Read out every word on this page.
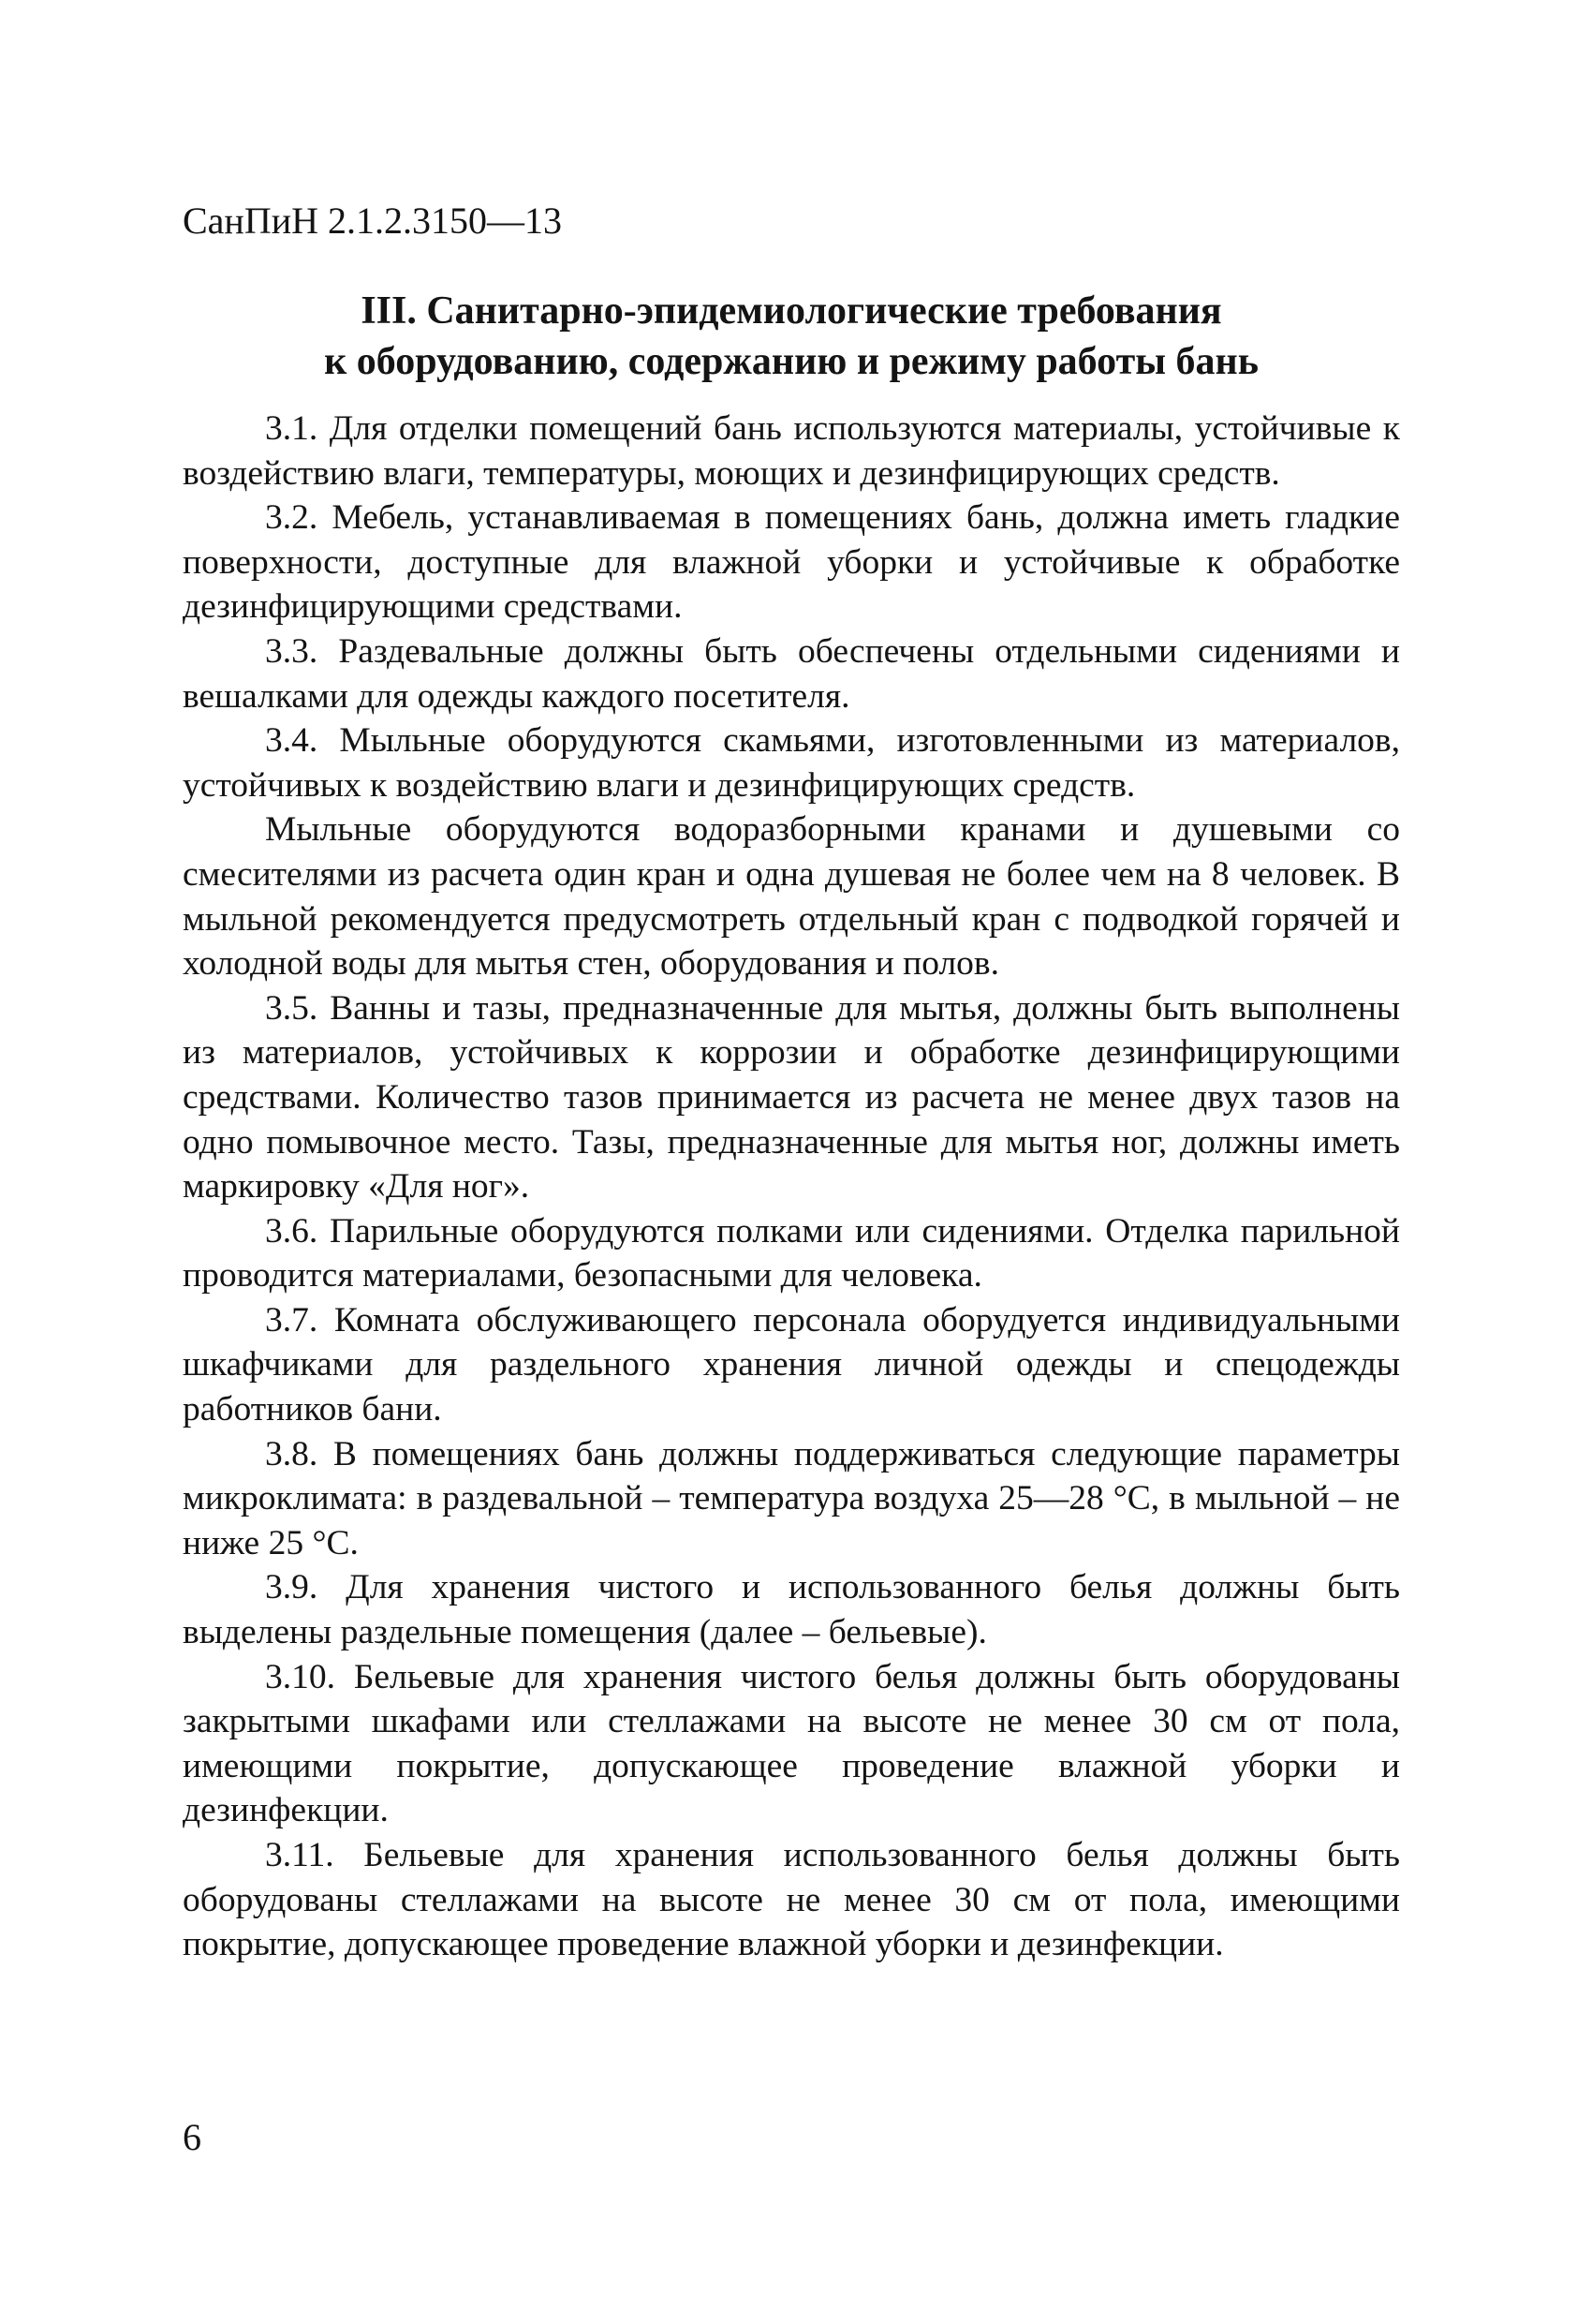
СанПиН 2.1.2.3150—13

III. Санитарно-эпидемиологические требования
к оборудованию, содержанию и режиму работы бань

3.1. Для отделки помещений бань используются материалы, устойчивые к воздействию влаги, температуры, моющих и дезинфицирующих средств.

3.2. Мебель, устанавливаемая в помещениях бань, должна иметь гладкие поверхности, доступные для влажной уборки и устойчивые к обработке дезинфицирующими средствами.

3.3. Раздевальные должны быть обеспечены отдельными сидениями и вешалками для одежды каждого посетителя.

3.4. Мыльные оборудуются скамьями, изготовленными из материалов, устойчивых к воздействию влаги и дезинфицирующих средств.

Мыльные оборудуются водоразборными кранами и душевыми со смесителями из расчета один кран и одна душевая не более чем на 8 человек. В мыльной рекомендуется предусмотреть отдельный кран с подводкой горячей и холодной воды для мытья стен, оборудования и полов.

3.5. Ванны и тазы, предназначенные для мытья, должны быть выполнены из материалов, устойчивых к коррозии и обработке дезинфицирующими средствами. Количество тазов принимается из расчета не менее двух тазов на одно помывочное место. Тазы, предназначенные для мытья ног, должны иметь маркировку «Для ног».

3.6. Парильные оборудуются полками или сидениями. Отделка парильной проводится материалами, безопасными для человека.

3.7. Комната обслуживающего персонала оборудуется индивидуальными шкафчиками для раздельного хранения личной одежды и спецодежды работников бани.

3.8. В помещениях бань должны поддерживаться следующие параметры микроклимата: в раздевальной – температура воздуха 25—28 °С, в мыльной – не ниже 25 °С.

3.9. Для хранения чистого и использованного белья должны быть выделены раздельные помещения (далее – бельевые).

3.10. Бельевые для хранения чистого белья должны быть оборудованы закрытыми шкафами или стеллажами на высоте не менее 30 см от пола, имеющими покрытие, допускающее проведение влажной уборки и дезинфекции.

3.11. Бельевые для хранения использованного белья должны быть оборудованы стеллажами на высоте не менее 30 см от пола, имеющими покрытие, допускающее проведение влажной уборки и дезинфекции.

6
